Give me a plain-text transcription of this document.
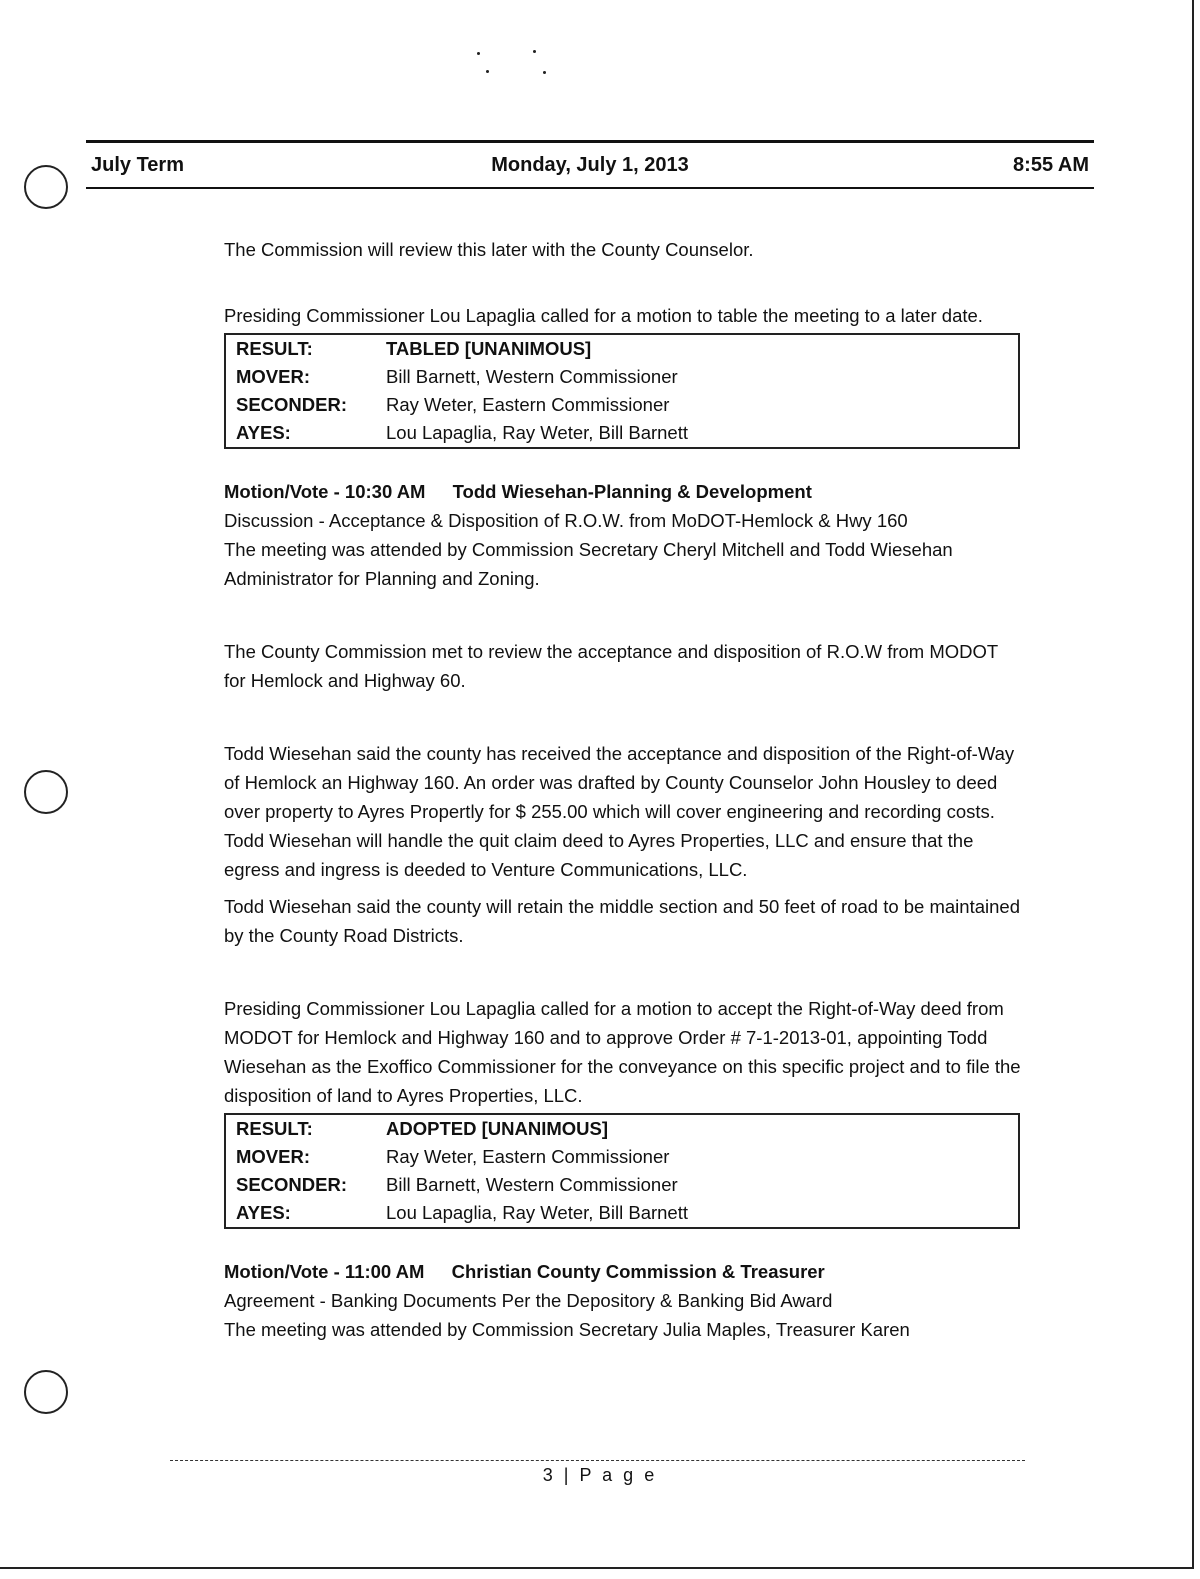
Monday, July 1, 2013
July Term	8:55 AM

The Commission will review this later with the County Counselor.

Presiding Commissioner Lou Lapaglia called for a motion to table the meeting to a later date.

RESULT:	TABLED [UNANIMOUS]
MOVER:	Bill Barnett, Western Commissioner
SECONDER:	Ray Weter, Eastern Commissioner
AYES:	Lou Lapaglia, Ray Weter, Bill Barnett

Motion/Vote - 10:30 AM Todd Wiesehan-Planning & Development

Discussion - Acceptance & Disposition of R.O.W. from MoDOT-Hemlock & Hwy 160

The meeting was attended by Commission Secretary Cheryl Mitchell and Todd Wiesehan Administrator for Planning and Zoning.

The County Commission met to review the acceptance and disposition of R.O.W from MODOT for Hemlock and Highway 60.

Todd Wiesehan said the county has received the acceptance and disposition of the Right-of-Way of Hemlock an Highway 160. An order was drafted by County Counselor John Housley to deed over property to Ayres Propertly for $ 255.00 which will cover engineering and recording costs. Todd Wiesehan will handle the quit claim deed to Ayres Properties, LLC and ensure that the egress and ingress is deeded to Venture Communications, LLC.

Todd Wiesehan said the county will retain the middle section and 50 feet of road to be maintained by the County Road Districts.

Presiding Commissioner Lou Lapaglia called for a motion to accept the Right-of-Way deed from MODOT for Hemlock and Highway 160 and to approve Order # 7-1-2013-01, appointing Todd Wiesehan as the Exoffico Commissioner for the conveyance on this specific project and to file the disposition of land to Ayres Properties, LLC.

RESULT:	ADOPTED [UNANIMOUS]
MOVER:	Ray Weter, Eastern Commissioner
SECONDER:	Bill Barnett, Western Commissioner
AYES:	Lou Lapaglia, Ray Weter, Bill Barnett

Motion/Vote - 11:00 AM Christian County Commission & Treasurer

Agreement - Banking Documents Per the Depository & Banking Bid Award

The meeting was attended by Commission Secretary Julia Maples, Treasurer Karen

3 | P a g e
